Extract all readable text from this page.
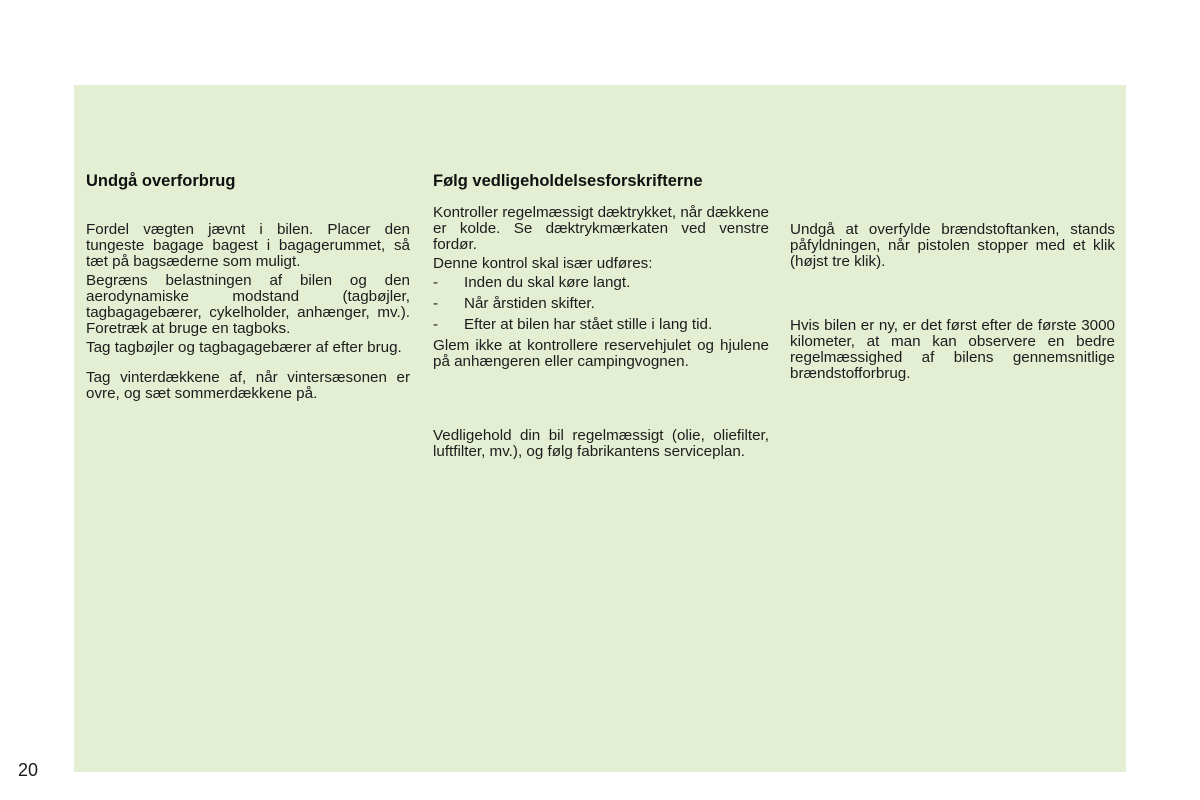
Undgå overforbrug

Fordel vægten jævnt i bilen. Placer den tungeste bagage bagest i bagagerummet, så tæt på bagsæderne som muligt.

Begræns belastningen af bilen og den aerodynamiske modstand (tagbøjler, tagbagagebærer, cykelholder, anhænger, mv.). Foretræk at bruge en tagboks.

Tag tagbøjler og tagbagagebærer af efter brug.

Tag vinterdækkene af, når vintersæsonen er ovre, og sæt sommerdækkene på.

Følg vedligeholdelsesforskrifterne

Kontroller regelmæssigt dæktrykket, når dækkene er kolde. Se dæktrykmærkaten ved venstre fordør.

Denne kontrol skal især udføres:

- Inden du skal køre langt.
- Når årstiden skifter.
- Efter at bilen har stået stille i lang tid.

Glem ikke at kontrollere reservehjulet og hjulene på anhængeren eller campingvognen.

Vedligehold din bil regelmæssigt (olie, oliefilter, luftfilter, mv.), og følg fabrikantens serviceplan.

Undgå at overfylde brændstoftanken, stands påfyldningen, når pistolen stopper med et klik (højst tre klik).

Hvis bilen er ny, er det først efter de første 3000 kilometer, at man kan observere en bedre regelmæssighed af bilens gennemsnitlige brændstofforbrug.

20
